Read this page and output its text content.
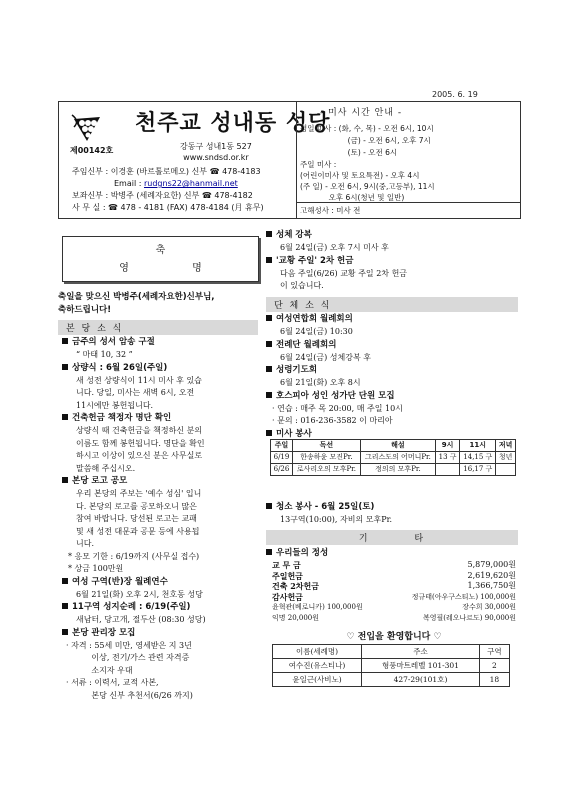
2005. 6. 19
제00142호
천주교 성내동 성당
강동구 성내1동 527
www.sndsd.or.kr
주임신부 : 이경훈 (바르톨로메오) 신부 ☎ 478-4183
Email : rudgns22@hanmail.net
보좌신부 : 박병주 (세례자요한) 신부 ☎ 478-4182
사 무 실 : ☎ 478 - 4181 (FAX) 478-4184 (月 휴무)
- 미사 시간 안내 -
평일 미사 : (화, 수, 목) - 오전 6시, 10시
(금) - 오전 6시, 오후 7시
(토) - 오전 6시
주일 미사 :
(어린이미사 및 토요특전) - 오후 4시
(주 일) - 오전 6시, 9시(중,고등부), 11시
오후 6시(청년 및 일반)
고해성사 : 미사 전
축
영 명
축일을 맞으신 박병주(세례자요한)신부님,
축하드립니다!
본 당 소 식
금주의 성서 암송 구절
“ 마태 10, 32 ”
상량식 : 6월 26일(주일)
새 성전 상량식이 11시 미사 후 있습
니다. 당일, 미사는 새벽 6시, 오전
11시에만 봉헌됩니다.
건축헌금 책정자 명단 확인
상량식 때 건축헌금을 책정하신 분의
이름도 함께 봉헌됩니다. 명단을 확인
하시고 이상이 있으신 분은 사무실로
말씀해 주십시오.
본당 로고 공모
우리 본당의 주보는 '예수 성심' 입니
다. 본당의 로고를 공모하오니 많은
참여 바랍니다. 당선된 로고는 교패
및 새 성전 대문과 공문 등에 사용됩
니다.
* 응모 기한 : 6/19까지 (사무실 접수)
* 상금 100만원
여성 구역(반)장 월례연수
6월 21일(화) 오후 2시, 천호동 성당
11구역 성지순례 : 6/19(주일)
새남터, 당고개, 절두산 (08:30 성당)
본당 관리장 모집
· 자격 : 55세 미만, 영세받은 지 3년
이상, 전기/가스 관련 자격증
소지자 우대
· 서류 : 이력서, 교적 사본,
본당 신부 추천서(6/26 까지)
성체 강복
6월 24일(금) 오후 7시 미사 후
'교황 주일' 2차 헌금
다음 주일(6/26) 교황 주일 2차 헌금
이 있습니다.
단 체 소 식
여성연합회 월례회의
6월 24일(금) 10:30
전례단 월례회의
6월 24일(금) 성체강복 후
성령기도회
6월 21일(화) 오후 8시
호스피아 성인 성가단 단원 모집
· 연습 : 매주 목 20:00, 매 주일 10시
· 문의 : 016-236-3582 이 마리아
미사 봉사
주일	독선	해설	9시	11시	저녁
6/19	한송하윤 모진Pr.	그리스도의 어머니Pr.	13 구	14,15 구	청년
6/26	로사리오의 모후Pr.	정의의 모후Pr.		16,17 구	
청소 봉사 - 6월 25일(토)
13구역(10:00), 자비의 모후Pr.
기 타
우리들의 정성
교 무 금	5,879,000원
주일헌금	2,619,620원
건축 2차헌금	1,366,750원
감사헌금	정규태(아우구스티노) 100,000원
윤혁관(베로니카) 100,000원	장수희 30,000원
익명 20,000원	복영필(레오나르도) 90,000원
♡ 전입을 환영합니다 ♡
이름(세례명)	주소	구역
여수진(유스티나)	형풍마트레벨 101-301	2
윤일근(사비노)	427-29(101호)	18
